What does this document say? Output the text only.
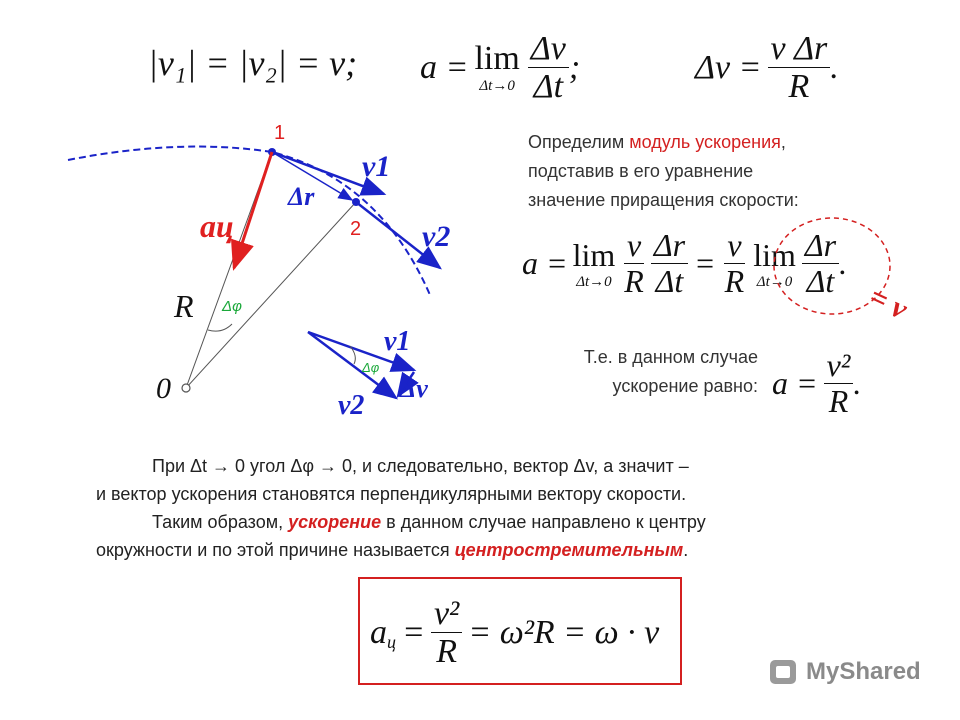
|v₁| = |v₂| = v; a = lim
$\Delta t\to 0 \frac{\Delta v}{\Delta t}$ ;	$\Delta v = \frac{\text{v Δr}}{R}$ .
Определим модуль ускорения,
подставив в его уравнение
значение приращения скорости:
a = lim
$\Delta t\to 0 \frac{v}{R} \frac{\Delta r}{\Delta t} = \frac{v}{R}$ lim
$\Delta t\to 0 \frac{\Delta r}{\Delta t}$ .
= v
Т.е. в данном случае
ускорение равно: $a = \frac{\text{v²}}{R}$ .
1
2
v1
v2
Δr
aц
R
0
Δφ
v1
v2
Δv
Δφ
При Δt → 0 угол Δφ → 0, и следовательно, вектор Δv, а значит –
и вектор ускорения становятся перпендикулярными вектору скорости.
Таким образом, ускорение в данном случае направлено к центру
окружности и по этой причине называется центростремительным.
a $ц = \frac{\text{v²}}{R} = \omega^2R = \omega \cdot v$
MyShared
